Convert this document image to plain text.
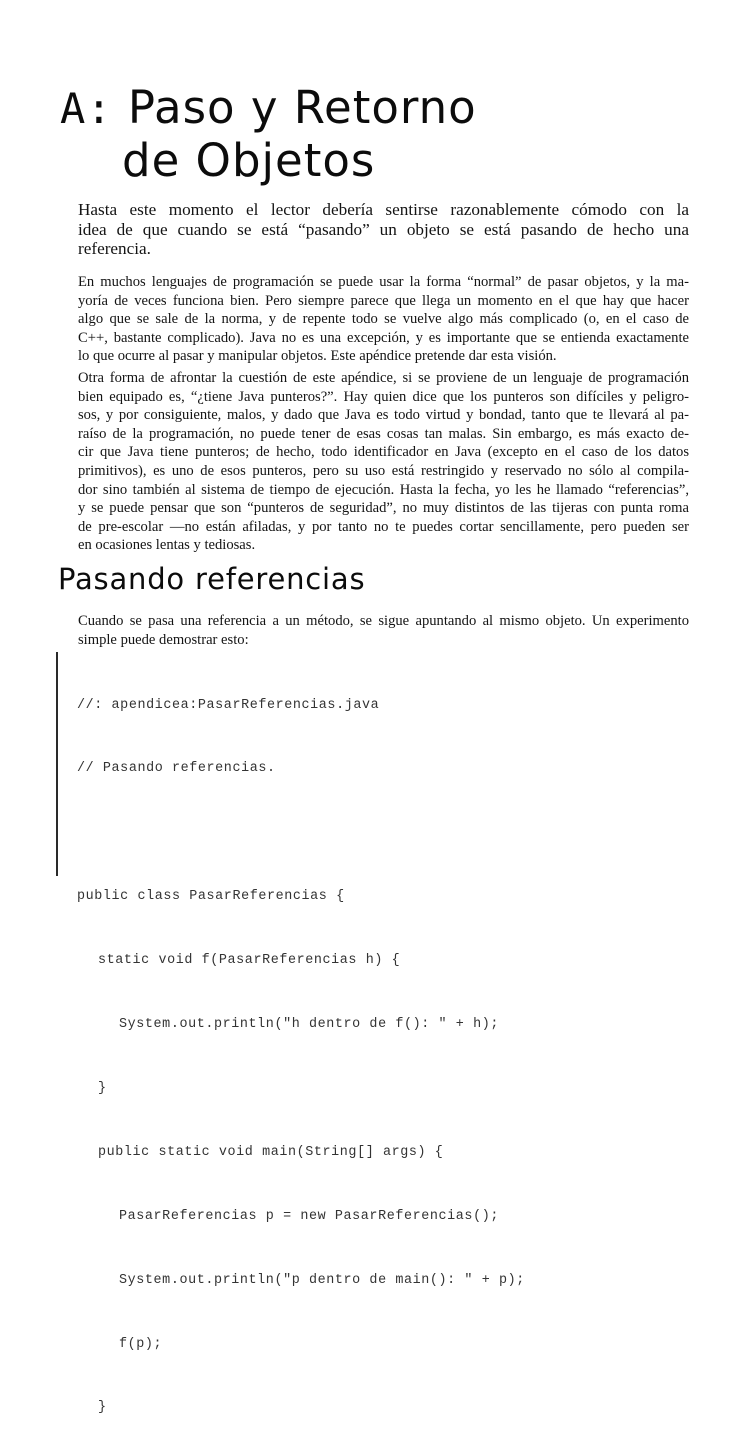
A: Paso y Retorno
de Objetos
Hasta este momento el lector debería sentirse razonablemente cómodo con la
idea de que cuando se está “pasando” un objeto se está pasando de hecho una
referencia.
En muchos lenguajes de programación se puede usar la forma “normal” de pasar objetos, y la ma-
yoría de veces funciona bien. Pero siempre parece que llega un momento en el que hay que hacer
algo que se sale de la norma, y de repente todo se vuelve algo más complicado (o, en el caso de
C++, bastante complicado). Java no es una excepción, y es importante que se entienda exactamente
lo que ocurre al pasar y manipular objetos. Este apéndice pretende dar esta visión.
Otra forma de afrontar la cuestión de este apéndice, si se proviene de un lenguaje de programación
bien equipado es, “¿tiene Java punteros?”. Hay quien dice que los punteros son difíciles y peligro-
sos, y por consiguiente, malos, y dado que Java es todo virtud y bondad, tanto que te llevará al pa-
raíso de la programación, no puede tener de esas cosas tan malas. Sin embargo, es más exacto de-
cir que Java tiene punteros; de hecho, todo identificador en Java (excepto en el caso de los datos
primitivos), es uno de esos punteros, pero su uso está restringido y reservado no sólo al compila-
dor sino también al sistema de tiempo de ejecución. Hasta la fecha, yo les he llamado “referencias”,
y se puede pensar que son “punteros de seguridad”, no muy distintos de las tijeras con punta roma
de pre-escolar —no están afiladas, y por tanto no te puedes cortar sencillamente, pero pueden ser
en ocasiones lentas y tediosas.
Pasando referencias
Cuando se pasa una referencia a un método, se sigue apuntando al mismo objeto. Un experimento
simple puede demostrar esto:

//: apendicea:PasarReferencias.java

// Pasando referencias.

public class PasarReferencias {

static void f(PasarReferencias h) {

System.out.println("h dentro de f(): " + h);

}

public static void main(String[] args) {

PasarReferencias p = new PasarReferencias();

System.out.println("p dentro de main(): " + p);

f(p);

}
